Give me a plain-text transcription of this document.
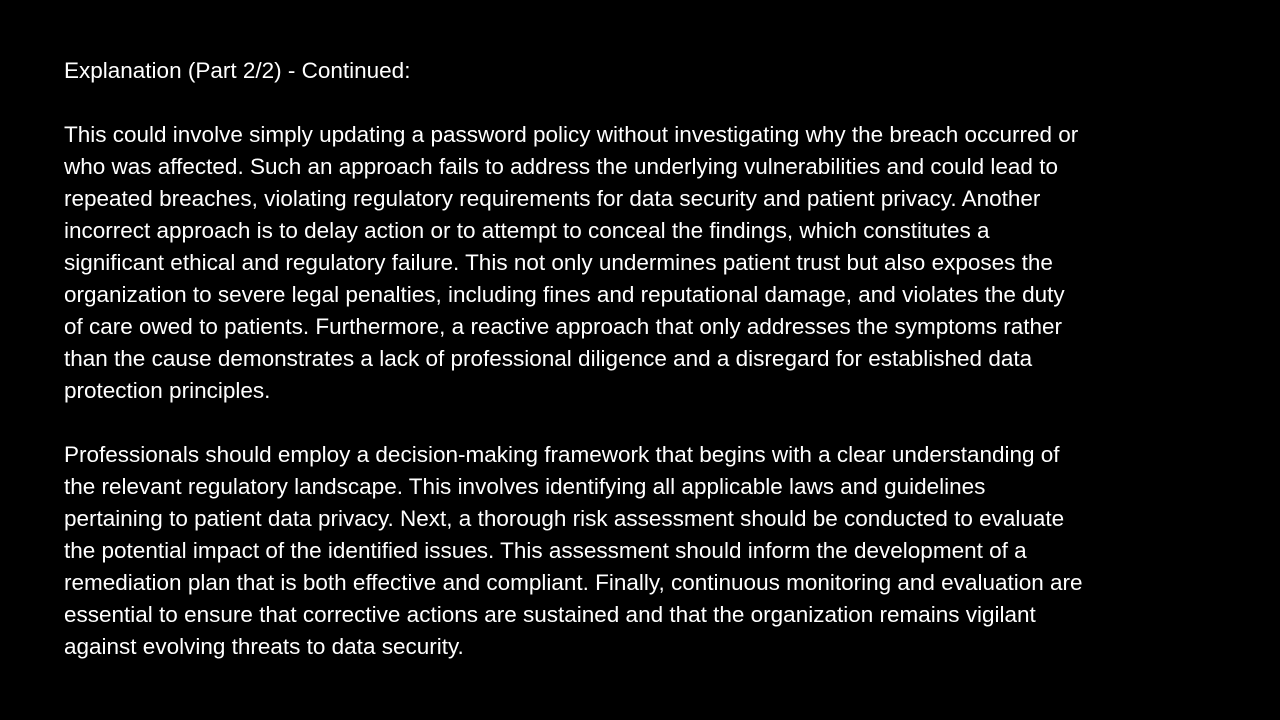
Explanation (Part 2/2) - Continued:

This could involve simply updating a password policy without investigating why the breach occurred or
who was affected. Such an approach fails to address the underlying vulnerabilities and could lead to
repeated breaches, violating regulatory requirements for data security and patient privacy. Another
incorrect approach is to delay action or to attempt to conceal the findings, which constitutes a
significant ethical and regulatory failure. This not only undermines patient trust but also exposes the
organization to severe legal penalties, including fines and reputational damage, and violates the duty
of care owed to patients. Furthermore, a reactive approach that only addresses the symptoms rather
than the cause demonstrates a lack of professional diligence and a disregard for established data
protection principles.

Professionals should employ a decision-making framework that begins with a clear understanding of
the relevant regulatory landscape. This involves identifying all applicable laws and guidelines
pertaining to patient data privacy. Next, a thorough risk assessment should be conducted to evaluate
the potential impact of the identified issues. This assessment should inform the development of a
remediation plan that is both effective and compliant. Finally, continuous monitoring and evaluation are
essential to ensure that corrective actions are sustained and that the organization remains vigilant
against evolving threats to data security.
